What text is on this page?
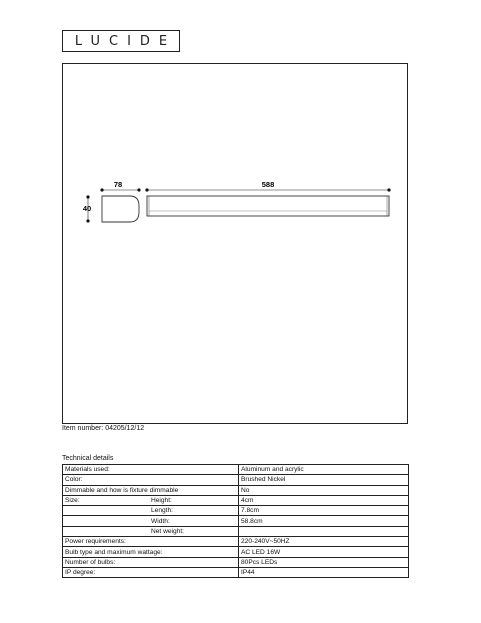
LUCIDE
78
40
588
Item number: 04205/12/12
Technical details
Materials used:	Aluminum and acrylic
Color:	Brushed Nickel
Dimmable and how is fixture dimmable	No
Size: Height:	4cm
Length:	7.8cm
Width:	58.8cm
Net weight:	
Power requirements:	220-240V~50HZ
Bulb type and maximum wattage:	AC LED 16W
Number of bulbs:	80Pcs LEDs
IP degree:	IP44
